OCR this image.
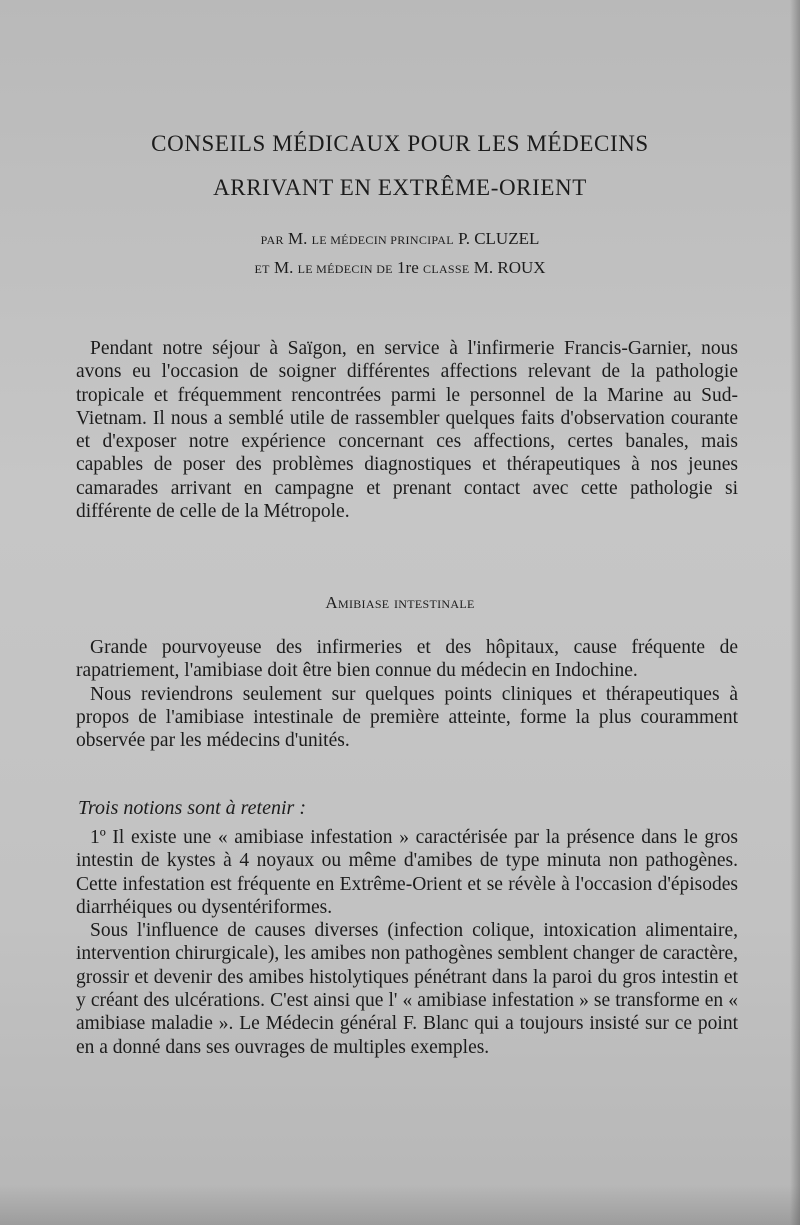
CONSEILS MÉDICAUX POUR LES MÉDECINS
ARRIVANT EN EXTRÊME-ORIENT
PAR M. LE MÉDECIN PRINCIPAL P. CLUZEL
ET M. LE MÉDECIN DE 1re CLASSE M. ROUX

Pendant notre séjour à Saïgon, en service à l'infirmerie Francis-Garnier, nous avons eu l'occasion de soigner différentes affections relevant de la pathologie tropicale et fréquemment rencontrées parmi le personnel de la Marine au Sud-Vietnam. Il nous a semblé utile de rassembler quelques faits d'observation courante et d'exposer notre expérience concernant ces affections, certes banales, mais capables de poser des problèmes diagnostiques et thérapeutiques à nos jeunes camarades arrivant en campagne et prenant contact avec cette pathologie si différente de celle de la Métropole.

Amibiase intestinale

Grande pourvoyeuse des infirmeries et des hôpitaux, cause fréquente de rapatriement, l'amibiase doit être bien connue du médecin en Indochine.

Nous reviendrons seulement sur quelques points cliniques et thérapeutiques à propos de l'amibiase intestinale de première atteinte, forme la plus couramment observée par les médecins d'unités.

Trois notions sont à retenir :

1º Il existe une « amibiase infestation » caractérisée par la présence dans le gros intestin de kystes à 4 noyaux ou même d'amibes de type minuta non pathogènes. Cette infestation est fréquente en Extrême-Orient et se révèle à l'occasion d'épisodes diarrhéiques ou dysentériformes.

Sous l'influence de causes diverses (infection colique, intoxication alimentaire, intervention chirurgicale), les amibes non pathogènes semblent changer de caractère, grossir et devenir des amibes histolytiques pénétrant dans la paroi du gros intestin et y créant des ulcérations. C'est ainsi que l' « amibiase infestation » se transforme en « amibiase maladie ». Le Médecin général F. Blanc qui a toujours insisté sur ce point en a donné dans ses ouvrages de multiples exemples.
